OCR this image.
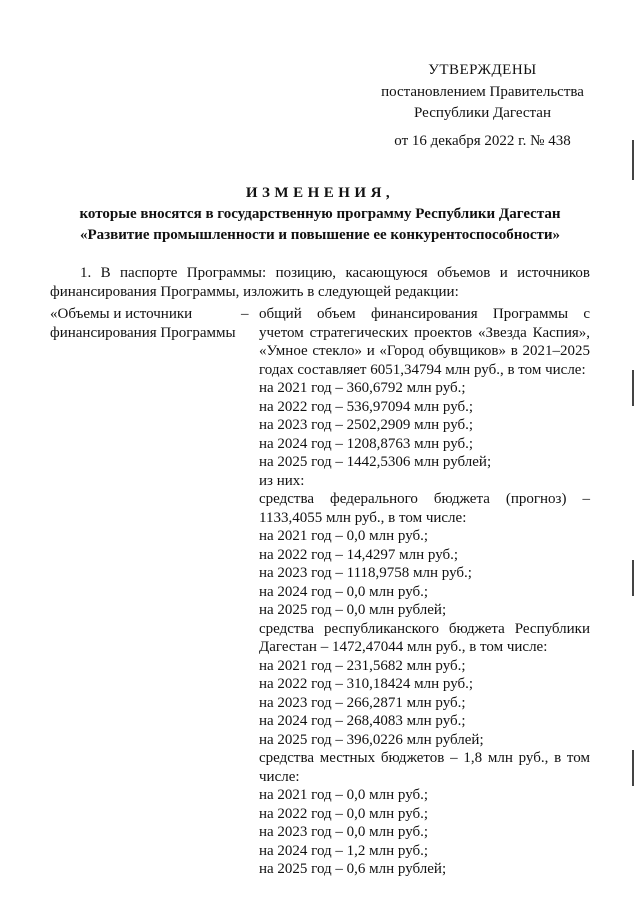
УТВЕРЖДЕНЫ
постановлением Правительства
Республики Дагестан
от 16 декабря 2022 г. № 438
ИЗМЕНЕНИЯ,
которые вносятся в государственную программу Республики Дагестан
«Развитие промышленности и повышение ее конкурентоспособности»
1. В паспорте Программы: позицию, касающуюся объемов и источников финансирования Программы, изложить в следующей редакции:
«Объемы и источники финансирования Программы
– общий объем финансирования Программы с учетом стратегических проектов «Звезда Каспия», «Умное стекло» и «Город обувщиков» в 2021–2025 годах составляет 6051,34794 млн руб., в том числе:
на 2021 год – 360,6792 млн руб.;
на 2022 год – 536,97094 млн руб.;
на 2023 год – 2502,2909 млн руб.;
на 2024 год – 1208,8763 млн руб.;
на 2025 год – 1442,5306 млн рублей;
из них:
средства федерального бюджета (прогноз) – 1133,4055 млн руб., в том числе:
на 2021 год – 0,0 млн руб.;
на 2022 год – 14,4297 млн руб.;
на 2023 год – 1118,9758 млн руб.;
на 2024 год – 0,0 млн руб.;
на 2025 год – 0,0 млн рублей;
средства республиканского бюджета Республики Дагестан – 1472,47044 млн руб., в том числе:
на 2021 год – 231,5682 млн руб.;
на 2022 год – 310,18424 млн руб.;
на 2023 год – 266,2871 млн руб.;
на 2024 год – 268,4083 млн руб.;
на 2025 год – 396,0226 млн рублей;
средства местных бюджетов – 1,8 млн руб., в том числе:
на 2021 год – 0,0 млн руб.;
на 2022 год – 0,0 млн руб.;
на 2023 год – 0,0 млн руб.;
на 2024 год – 1,2 млн руб.;
на 2025 год – 0,6 млн рублей;
